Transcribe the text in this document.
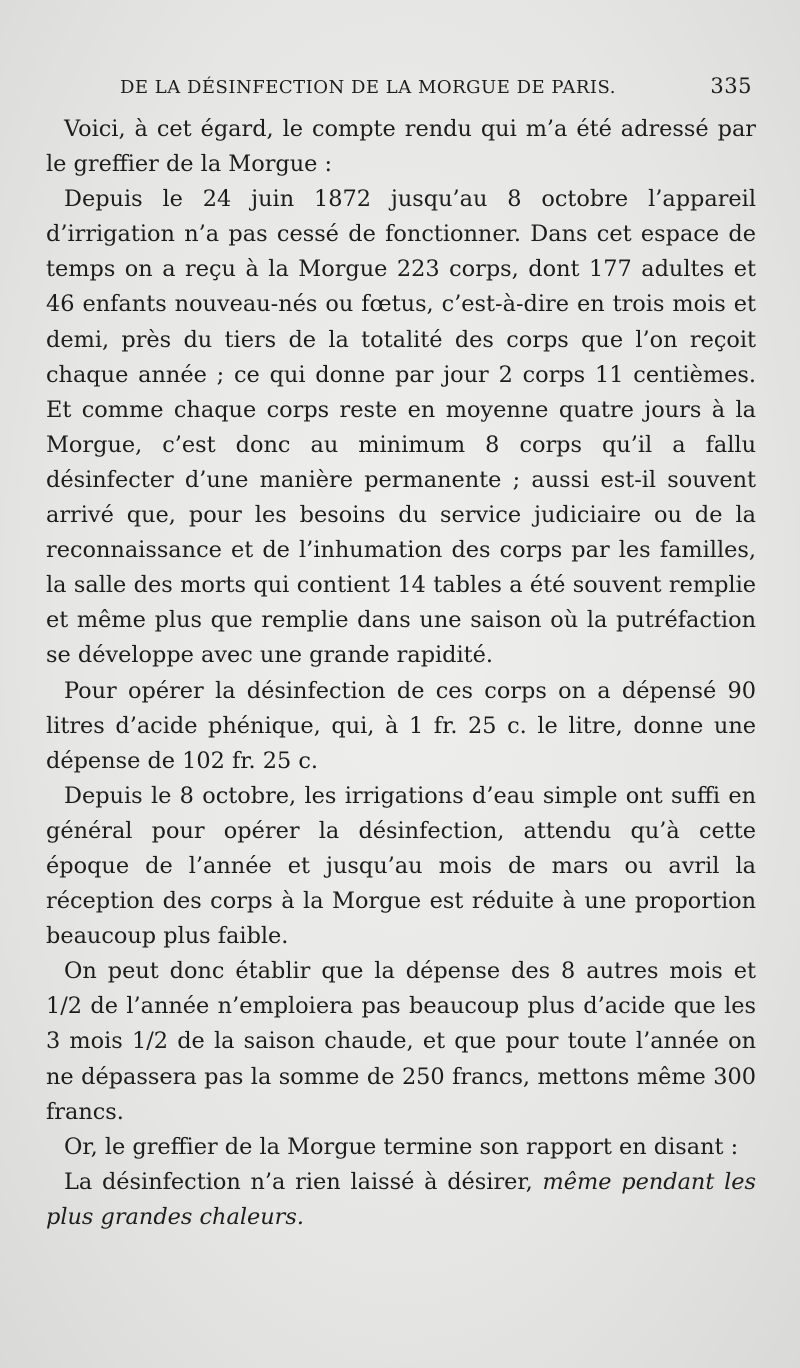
DE LA DÉSINFECTION DE LA MORGUE DE PARIS.	335

Voici, à cet égard, le compte rendu qui m’a été adressé par le greffier de la Morgue :

Depuis le 24 juin 1872 jusqu’au 8 octobre l’appareil d’irrigation n’a pas cessé de fonctionner. Dans cet espace de temps on a reçu à la Morgue 223 corps, dont 177 adultes et 46 enfants nouveau-nés ou fœtus, c’est-à-dire en trois mois et demi, près du tiers de la totalité des corps que l’on reçoit chaque année ; ce qui donne par jour 2 corps 11 centièmes. Et comme chaque corps reste en moyenne quatre jours à la Morgue, c’est donc au minimum 8 corps qu’il a fallu désinfecter d’une manière permanente ; aussi est-il souvent arrivé que, pour les besoins du service judiciaire ou de la reconnaissance et de l’inhumation des corps par les familles, la salle des morts qui contient 14 tables a été souvent remplie et même plus que remplie dans une saison où la putréfaction se développe avec une grande rapidité.

Pour opérer la désinfection de ces corps on a dépensé 90 litres d’acide phénique, qui, à 1 fr. 25 c. le litre, donne une dépense de 102 fr. 25 c.

Depuis le 8 octobre, les irrigations d’eau simple ont suffi en général pour opérer la désinfection, attendu qu’à cette époque de l’année et jusqu’au mois de mars ou avril la réception des corps à la Morgue est réduite à une proportion beaucoup plus faible.

On peut donc établir que la dépense des 8 autres mois et 1/2 de l’année n’emploiera pas beaucoup plus d’acide que les 3 mois 1/2 de la saison chaude, et que pour toute l’année on ne dépassera pas la somme de 250 francs, mettons même 300 francs.

Or, le greffier de la Morgue termine son rapport en disant :

La désinfection n’a rien laissé à désirer, même pendant les plus grandes chaleurs.
